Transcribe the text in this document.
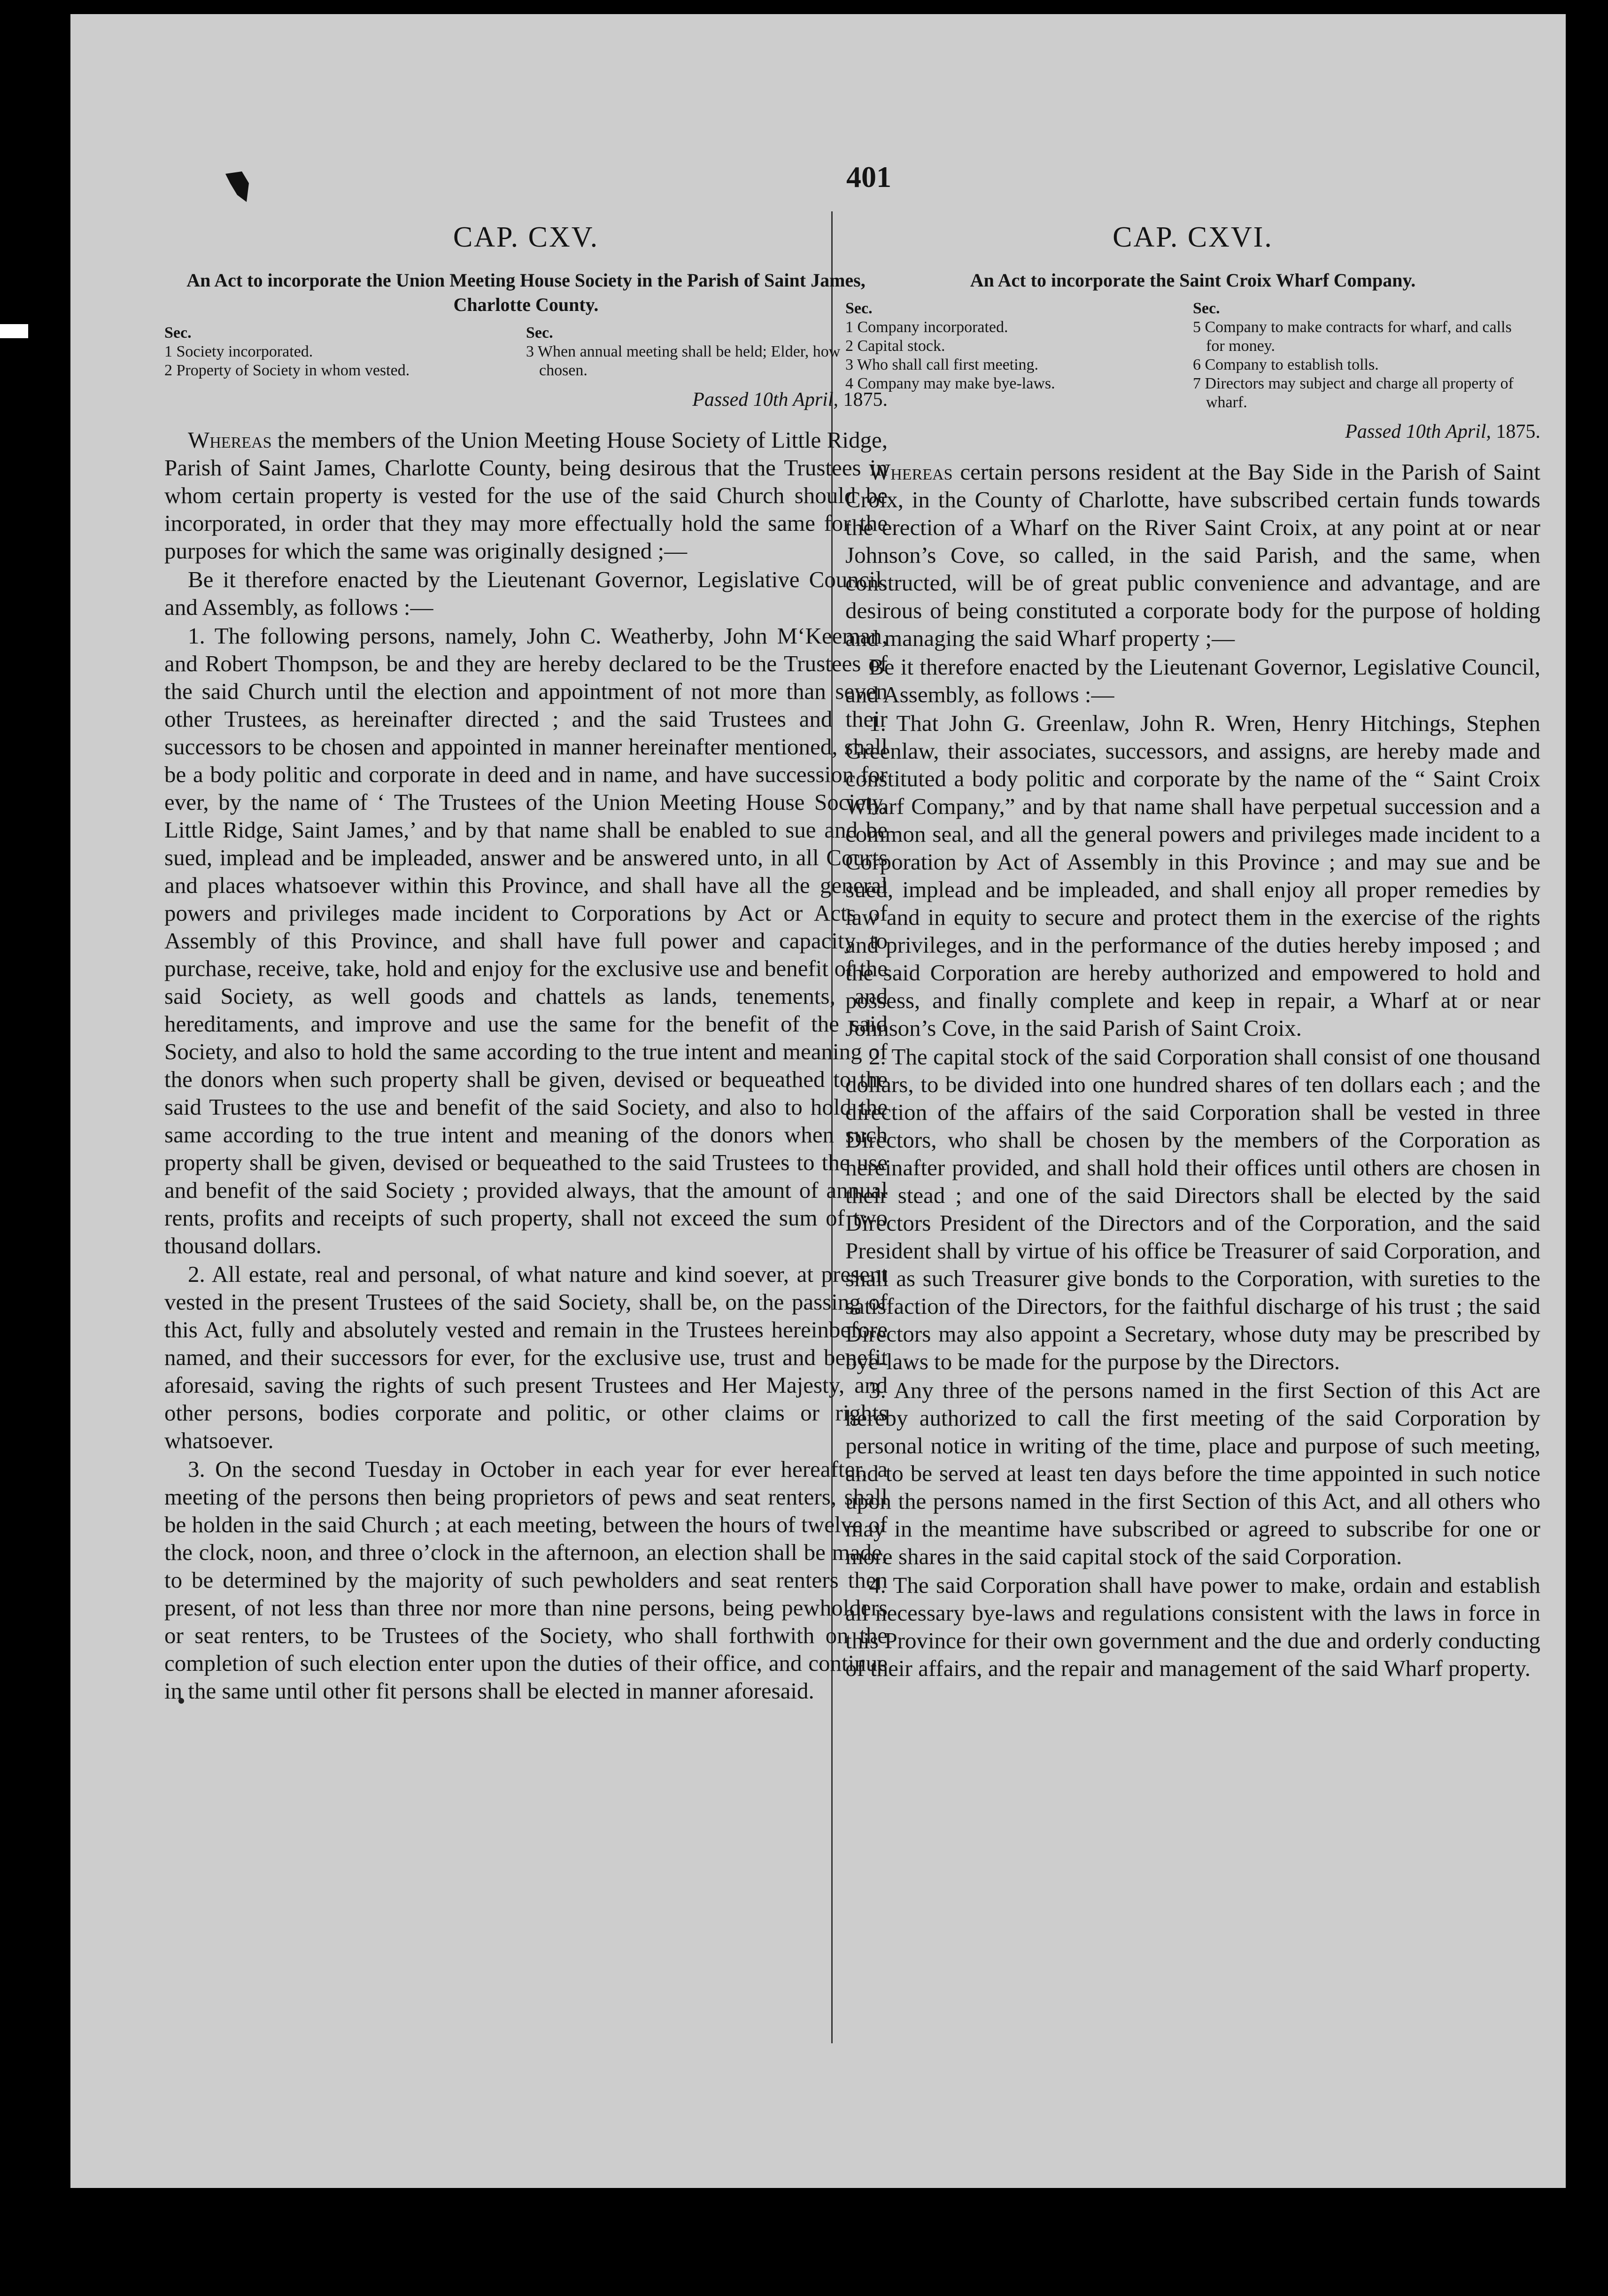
401
CAP. CXV.
An Act to incorporate the Union Meeting House Society in the Parish of Saint James, Charlotte County.
Sec.
1 Society incorporated.
2 Property of Society in whom vested.
Sec.
3 When annual meeting shall be held; Elder, how chosen.
Passed 10th April, 1875.

Whereas the members of the Union Meeting House Society of Little Ridge, Parish of Saint James, Charlotte County, being desirous that the Trustees in whom certain property is vested for the use of the said Church should be incorporated, in order that they may more effectually hold the same for the purposes for which the same was originally designed ;—

Be it therefore enacted by the Lieutenant Governor, Legislative Council, and Assembly, as follows :—

1. The following persons, namely, John C. Weatherby, John M‘Keeman, and Robert Thompson, be and they are hereby declared to be the Trustees of the said Church until the election and appointment of not more than seven other Trustees, as hereinafter directed ; and the said Trustees and their successors to be chosen and appointed in manner hereinafter mentioned, shall be a body politic and corporate in deed and in name, and have succession for ever, by the name of ‘ The Trustees of the Union Meeting House Society, Little Ridge, Saint James,’ and by that name shall be enabled to sue and be sued, implead and be impleaded, answer and be answered unto, in all Courts and places whatsoever within this Province, and shall have all the general powers and privileges made incident to Corporations by Act or Acts of Assembly of this Province, and shall have full power and capacity to purchase, receive, take, hold and enjoy for the exclusive use and benefit of the said Society, as well goods and chattels as lands, tenements, and hereditaments, and improve and use the same for the benefit of the said Society, and also to hold the same according to the true intent and meaning of the donors when such property shall be given, devised or bequeathed to the said Trustees to the use and benefit of the said Society, and also to hold the same according to the true intent and meaning of the donors when such property shall be given, devised or bequeathed to the said Trustees to the use and benefit of the said Society ; provided always, that the amount of annual rents, profits and receipts of such property, shall not exceed the sum of two thousand dollars.

2. All estate, real and personal, of what nature and kind soever, at present vested in the present Trustees of the said Society, shall be, on the passing of this Act, fully and absolutely vested and remain in the Trustees hereinbefore named, and their successors for ever, for the exclusive use, trust and benefit aforesaid, saving the rights of such present Trustees and Her Majesty, and other persons, bodies corporate and politic, or other claims or rights whatsoever.

3. On the second Tuesday in October in each year for ever hereafter, a meeting of the persons then being proprietors of pews and seat renters, shall be holden in the said Church ; at each meeting, between the hours of twelve of the clock, noon, and three o’clock in the afternoon, an election shall be made, to be determined by the majority of such pewholders and seat renters then present, of not less than three nor more than nine persons, being pewholders or seat renters, to be Trustees of the Society, who shall forthwith on the completion of such election enter upon the duties of their office, and continue in the same until other fit persons shall be elected in manner aforesaid.

CAP. CXVI.
An Act to incorporate the Saint Croix Wharf Company.
Sec.
1 Company incorporated.
2 Capital stock.
3 Who shall call first meeting.
4 Company may make bye-laws.
Sec.
5 Company to make contracts for wharf, and calls for money.
6 Company to establish tolls.
7 Directors may subject and charge all property of wharf.
Passed 10th April, 1875.

Whereas certain persons resident at the Bay Side in the Parish of Saint Croix, in the County of Charlotte, have subscribed certain funds towards the erection of a Wharf on the River Saint Croix, at any point at or near Johnson’s Cove, so called, in the said Parish, and the same, when constructed, will be of great public convenience and advantage, and are desirous of being constituted a corporate body for the purpose of holding and managing the said Wharf property ;—

Be it therefore enacted by the Lieutenant Governor, Legislative Council, and Assembly, as follows :—

1. That John G. Greenlaw, John R. Wren, Henry Hitchings, Stephen Greenlaw, their associates, successors, and assigns, are hereby made and constituted a body politic and corporate by the name of the “ Saint Croix Wharf Company,” and by that name shall have perpetual succession and a common seal, and all the general powers and privileges made incident to a Corporation by Act of Assembly in this Province ; and may sue and be sued, implead and be impleaded, and shall enjoy all proper remedies by law and in equity to secure and protect them in the exercise of the rights and privileges, and in the performance of the duties hereby imposed ; and the said Corporation are hereby authorized and empowered to hold and possess, and finally complete and keep in repair, a Wharf at or near Johnson’s Cove, in the said Parish of Saint Croix.

2. The capital stock of the said Corporation shall consist of one thousand dollars, to be divided into one hundred shares of ten dollars each ; and the direction of the affairs of the said Corporation shall be vested in three Directors, who shall be chosen by the members of the Corporation as hereinafter provided, and shall hold their offices until others are chosen in their stead ; and one of the said Directors shall be elected by the said Directors President of the Directors and of the Corporation, and the said President shall by virtue of his office be Treasurer of said Corporation, and shall as such Treasurer give bonds to the Corporation, with sureties to the satisfaction of the Directors, for the faithful discharge of his trust ; the said Directors may also appoint a Secretary, whose duty may be prescribed by bye-laws to be made for the purpose by the Directors.

3. Any three of the persons named in the first Section of this Act are hereby authorized to call the first meeting of the said Corporation by personal notice in writing of the time, place and purpose of such meeting, and to be served at least ten days before the time appointed in such notice upon the persons named in the first Section of this Act, and all others who may in the meantime have subscribed or agreed to subscribe for one or more shares in the said capital stock of the said Corporation.

4. The said Corporation shall have power to make, ordain and establish all necessary bye-laws and regulations consistent with the laws in force in this Province for their own government and the due and orderly conducting of their affairs, and the repair and management of the said Wharf property.
